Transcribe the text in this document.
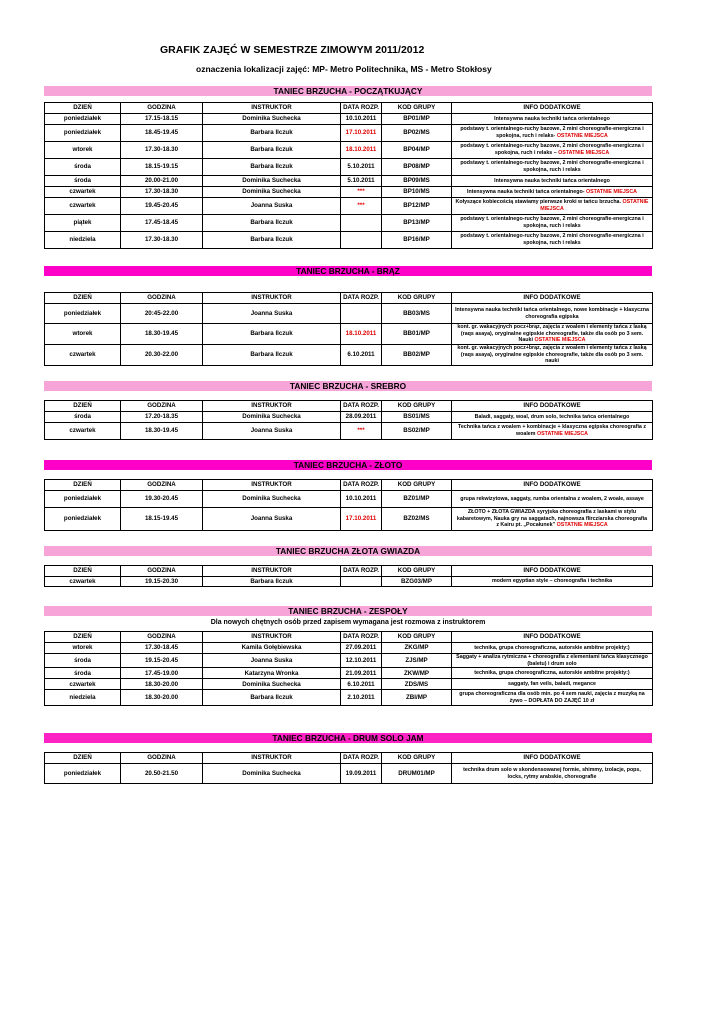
GRAFIK ZAJĘĆ W SEMESTRZE ZIMOWYM 2011/2012
oznaczenia lokalizacji zajęć: MP- Metro Politechnika, MS - Metro Stokłosy
TANIEC BRZUCHA - POCZĄTKUJĄCY
DZIEŃ	GODZINA	INSTRUKTOR	DATA ROZP.	KOD GRUPY	INFO DODATKOWE
poniedziałek	17.15-18.15	Dominika Suchecka	10.10.2011	BP01/MP	Intensywna nauka techniki tańca orientalnego
poniedziałek	18.45-19.45	Barbara Ilczuk	17.10.2011	BP02/MS	podstawy t. orientalnego-ruchy bazowe, 2 mini choreografie-energiczna i spokojna, ruch i relaks- OSTATNIE MIEJSCA
wtorek	17.30-18.30	Barbara Ilczuk	18.10.2011	BP04/MP	podstawy t. orientalnego-ruchy bazowe, 2 mini choreografie-energiczna i spokojna, ruch i relaks – OSTATNIE MIEJSCA
środa	18.15-19.15	Barbara Ilczuk	5.10.2011	BP08/MP	podstawy t. orientalnego-ruchy bazowe, 2 mini choreografie-energiczna i spokojna, ruch i relaks
środa	20.00-21.00	Dominika Suchecka	5.10.2011	BP09/MS	Intensywna nauka techniki tańca orientalnego
czwartek	17.30-18.30	Dominika Suchecka	***	BP10/MS	Intensywna nauka techniki tańca orientalnego- OSTATNIE MIEJSCA
czwartek	19.45-20.45	Joanna Suska	***	BP12/MP	Kołyszące kobiecością stawiamy pierwsze kroki w tańcu brzucha. OSTATNIE MIEJSCA
piątek	17.45-18.45	Barbara Ilczuk		BP13/MP	podstawy t. orientalnego-ruchy bazowe, 2 mini choreografie-energiczna i spokojna, ruch i relaks
niedziela	17.30-18.30	Barbara Ilczuk		BP16/MP	podstawy t. orientalnego-ruchy bazowe, 2 mini choreografie-energiczna i spokojna, ruch i relaks
TANIEC BRZUCHA - BRĄZ
DZIEŃ	GODZINA	INSTRUKTOR	DATA ROZP.	KOD GRUPY	INFO DODATKOWE
poniedziałek	20:45-22.00	Joanna Suska		BB03/MS	Intensywna nauka techniki tańca orientalnego, nowe kombinacje + klasyczna choreografia egipska
wtorek	18.30-19.45	Barbara Ilczuk	18.10.2011	BB01/MP	kont. gr. wakacyjnych pocz+brąz, zajęcia z woalem i elementy tańca z laską (raqs asaya), oryginalne egipskie choreografie, także dla osób po 3 sem. Nauki OSTATNIE MIEJSCA
czwartek	20.30-22.00	Barbara Ilczuk	6.10.2011	BB02/MP	kont. gr. wakacyjnych pocz+brąz, zajęcia z woalem i elementy tańca z laską (raqs asaya), oryginalne egipskie choreografie, także dla osób po 3 sem. nauki
TANIEC BRZUCHA - SREBRO
DZIEŃ	GODZINA	INSTRUKTOR	DATA ROZP.	KOD GRUPY	INFO DODATKOWE
środa	17.20-18.35	Dominika Suchecka	28.09.2011	BS01/MS	Baladi, saggaty, woal, drum solo, technika tańca orientalnego
czwartek	18.30-19.45	Joanna Suska	***	BS02/MP	Technika tańca z woalem + kombinacje + klasyczna egipska choreografia z woalem OSTATNIE MIEJSCA
TANIEC BRZUCHA - ZŁOTO
DZIEŃ	GODZINA	INSTRUKTOR	DATA ROZP.	KOD GRUPY	INFO DODATKOWE
poniedziałek	19.30-20.45	Dominika Suchecka	10.10.2011	BZ01/MP	grupa rekwizytowa, saggaty, rumba orientalna z woalem, 2 woale, assaye
poniedziałek	18.15-19.45	Joanna Suska	17.10.2011	BZ02/MS	ZŁOTO + ZŁOTA GWIAZDA syryjska choreografia z laskami w stylu kabaretowym, Nauka gry na saggatach, najnowsza flircziarska choreografia z Kairu pt. „Pocałunek” OSTATNIE MIEJSCA
TANIEC BRZUCHA ZŁOTA GWIAZDA
DZIEŃ	GODZINA	INSTRUKTOR	DATA ROZP.	KOD GRUPY	INFO DODATKOWE
czwartek	19.15-20.30	Barbara Ilczuk		BZG03/MP	modern egyptian style – choreografia i technika
TANIEC BRZUCHA - ZESPOŁY
Dla nowych chętnych osób przed zapisem wymagana jest rozmowa z instruktorem
DZIEŃ	GODZINA	INSTRUKTOR	DATA ROZP.	KOD GRUPY	INFO DODATKOWE
wtorek	17.30-18.45	Kamila Gołębiewska	27.09.2011	ZKG/MP	technika, grupa choreograficzna, autorskie ambitne projekty:)
środa	19.15-20.45	Joanna Suska	12.10.2011	ZJS/MP	Saggaty + analiza rytmiczna + choreografia z elementami tańca klasycznego (baletu) i drum solo
środa	17.45-19.00	Katarzyna Wronka	21.09.2011	ZKW/MP	technika, grupa choreograficzna, autorskie ambitne projekty:)
czwartek	18.30-20.00	Dominika Suchecka	6.10.2011	ZDS/MS	saggaty, fan veils, baladi, megance
niedziela	18.30-20.00	Barbara Ilczuk	2.10.2011	ZBI/MP	grupa choreograficzna dla osób min. po 4 sem nauki, zajęcia z muzyką na żywo – DOPŁATA DO ZAJĘĆ 10 zł
TANIEC BRZUCHA - DRUM SOLO JAM
DZIEŃ	GODZINA	INSTRUKTOR	DATA ROZP.	KOD GRUPY	INFO DODATKOWE
poniedziałek	20.50-21.50	Dominika Suchecka	19.09.2011	DRUM01/MP	technika drum solo w skondensowanej formie, shimmy, izolacje, pops, locks, rytmy arabskie, choreografie
